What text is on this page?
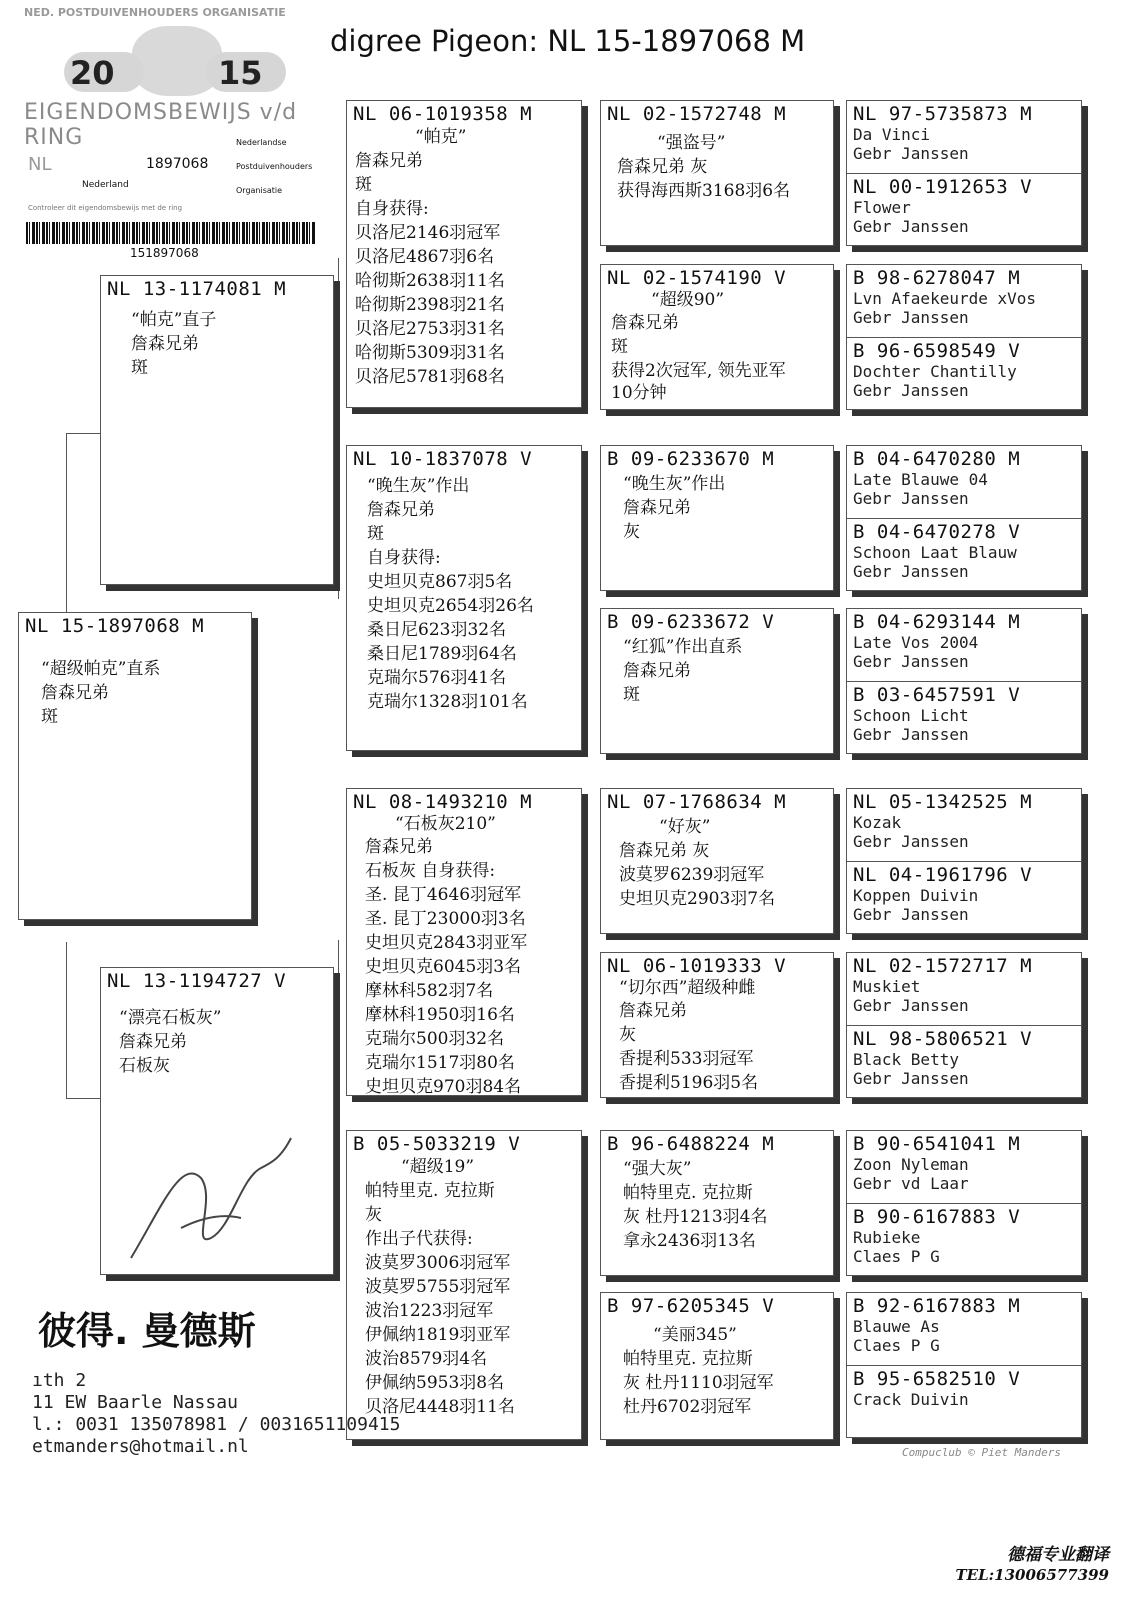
digree Pigeon: NL 15-1897068 M
NED. POSTDUIVENHOUDERS ORGANISATIE
20	15
EIGENDOMSBEWIJS v/d RING	Nederlandse
Postduivenhouders
Organisatie
NL	1897068
Nederland
Controleer dit eigendomsbewijs met de ring
151897068
NL 15-1897068 M
“超级帕克”直系
詹森兄弟
斑
NL 13-1174081 M
“帕克”直子
詹森兄弟
斑
NL 13-1194727 V
“漂亮石板灰”
詹森兄弟
石板灰
NL 06-1019358 M
“帕克”
詹森兄弟
斑
自身获得:
贝洛尼2146羽冠军
贝洛尼4867羽6名
哈彻斯2638羽11名
哈彻斯2398羽21名
贝洛尼2753羽31名
哈彻斯5309羽31名
贝洛尼5781羽68名
NL 10-1837078 V
“晚生灰”作出
詹森兄弟
斑
自身获得:
史坦贝克867羽5名
史坦贝克2654羽26名
桑日尼623羽32名
桑日尼1789羽64名
克瑞尔576羽41名
克瑞尔1328羽101名
NL 08-1493210 M
“石板灰210”
詹森兄弟
石板灰 自身获得:
圣. 昆丁4646羽冠军
圣. 昆丁23000羽3名
史坦贝克2843羽亚军
史坦贝克6045羽3名
摩林科582羽7名
摩林科1950羽16名
克瑞尔500羽32名
克瑞尔1517羽80名
史坦贝克970羽84名
B 05-5033219 V
“超级19”
帕特里克. 克拉斯
灰
作出子代获得:
波莫罗3006羽冠军
波莫罗5755羽冠军
波治1223羽冠军
伊佩纳1819羽亚军
波治8579羽4名
伊佩纳5953羽8名
贝洛尼4448羽11名
NL 02-1572748 M
“强盗号”
詹森兄弟 灰
获得海西斯3168羽6名
NL 02-1574190 V
“超级90”
詹森兄弟
斑
获得2次冠军, 领先亚军
10分钟
B 09-6233670 M
“晚生灰”作出
詹森兄弟
灰
B 09-6233672 V
“红狐”作出直系
詹森兄弟
斑
NL 07-1768634 M
“好灰”
詹森兄弟 灰
波莫罗6239羽冠军
史坦贝克2903羽7名
NL 06-1019333 V
“切尔西”超级种雌
詹森兄弟
灰
香提利533羽冠军
香提利5196羽5名
B 96-6488224 M
“强大灰”
帕特里克. 克拉斯
灰 杜丹1213羽4名
拿永2436羽13名
B 97-6205345 V
“美丽345”
帕特里克. 克拉斯
灰 杜丹1110羽冠军
杜丹6702羽冠军
NL 97-5735873 M
Da Vinci
Gebr Janssen
NL 00-1912653 V
Flower
Gebr Janssen
B 98-6278047 M
Lvn Afaekeurde xVos
Gebr Janssen
B 96-6598549 V
Dochter Chantilly
Gebr Janssen
B 04-6470280 M
Late Blauwe 04
Gebr Janssen
B 04-6470278 V
Schoon Laat Blauw
Gebr Janssen
B 04-6293144 M
Late Vos 2004
Gebr Janssen
B 03-6457591 V
Schoon Licht
Gebr Janssen
NL 05-1342525 M
Kozak
Gebr Janssen
NL 04-1961796 V
Koppen Duivin
Gebr Janssen
NL 02-1572717 M
Muskiet
Gebr Janssen
NL 98-5806521 V
Black Betty
Gebr Janssen
B 90-6541041 M
Zoon Nyleman
Gebr vd Laar
B 90-6167883 V
Rubieke
Claes P G
B 92-6167883 M
Blauwe As
Claes P G
B 95-6582510 V
Crack Duivin
彼得. 曼德斯
ıth 2
11 EW Baarle Nassau
l.: 0031 135078981 / 0031651109415
etmanders@hotmail.nl	Compuclub © Piet Manders
德福专业翻译
TEL:13006577399
